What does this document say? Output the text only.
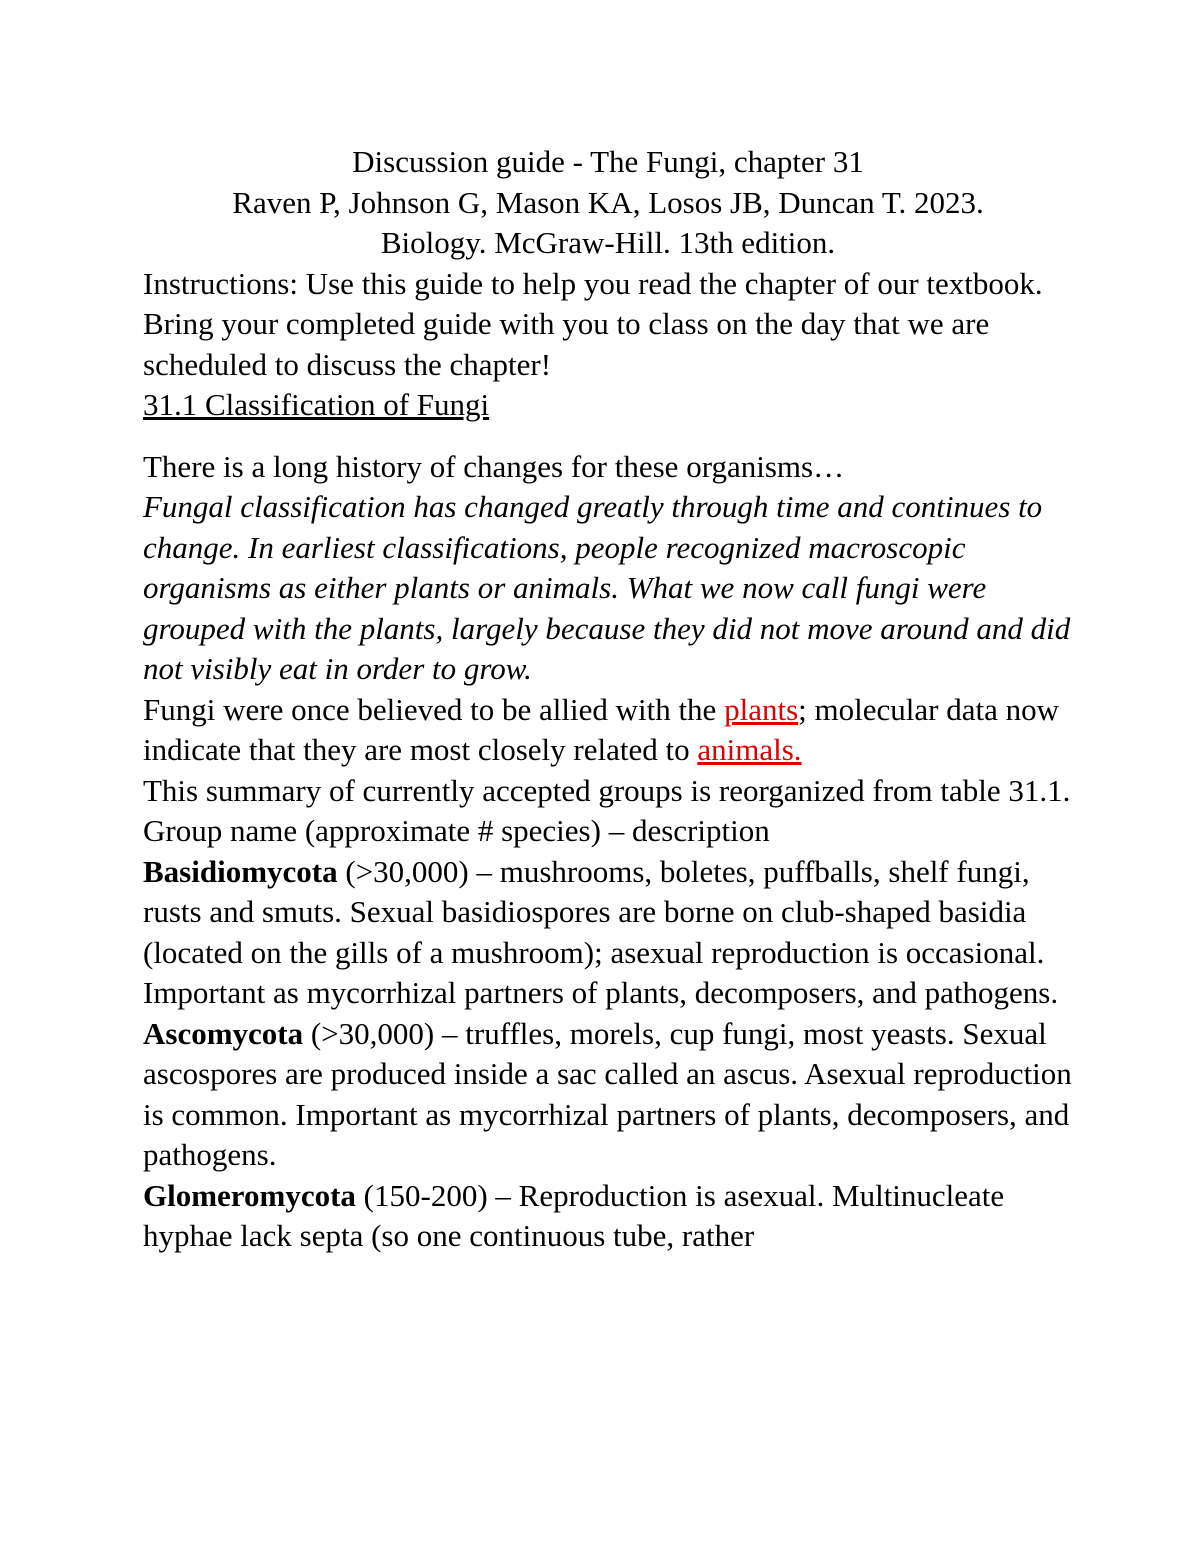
Discussion guide - The Fungi, chapter 31

Raven P, Johnson G, Mason KA, Losos JB, Duncan T. 2023.

Biology. McGraw-Hill. 13th edition.

Instructions: Use this guide to help you read the chapter of our textbook. Bring your completed guide with you to class on the day that we are scheduled to discuss the chapter!

31.1 Classification of Fungi

There is a long history of changes for these organisms…

Fungal classification has changed greatly through time and continues to change. In earliest classifications, people recognized macroscopic organisms as either plants or animals. What we now call fungi were grouped with the plants, largely because they did not move around and did not visibly eat in order to grow.

Fungi were once believed to be allied with the plants; molecular data now indicate that they are most closely related to animals.

This summary of currently accepted groups is reorganized from table 31.1.

Group name (approximate # species) – description

Basidiomycota (>30,000) – mushrooms, boletes, puffballs, shelf fungi, rusts and smuts. Sexual basidiospores are borne on club-shaped basidia (located on the gills of a mushroom); asexual reproduction is occasional. Important as mycorrhizal partners of plants, decomposers, and pathogens.

Ascomycota (>30,000) – truffles, morels, cup fungi, most yeasts. Sexual ascospores are produced inside a sac called an ascus. Asexual reproduction is common. Important as mycorrhizal partners of plants, decomposers, and pathogens.

Glomeromycota (150-200) – Reproduction is asexual. Multinucleate hyphae lack septa (so one continuous tube, rather
